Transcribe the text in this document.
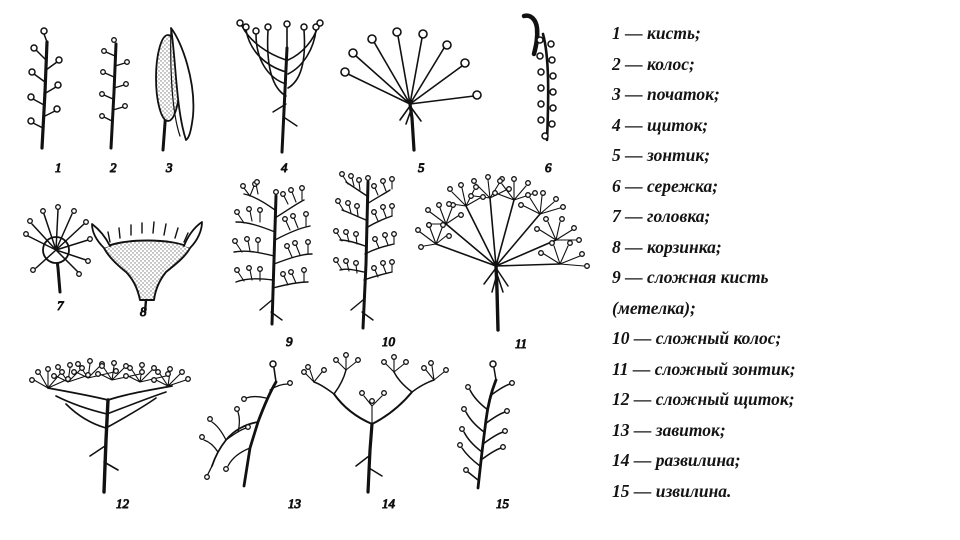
1	2	3	4	5	6
7	8
9	10	11
12	13	14	15
1 — кисть;
2 — колос;
3 — початок;
4 — щиток;
5 — зонтик;
6 — сережка;
7 — головка;
8 — корзинка;
9 — сложная кисть
(метелка);
10 — сложный колос;
11 — сложный зонтик;
12 — сложный щиток;
13 — завиток;
14 — развилина;
15 — извилина.
